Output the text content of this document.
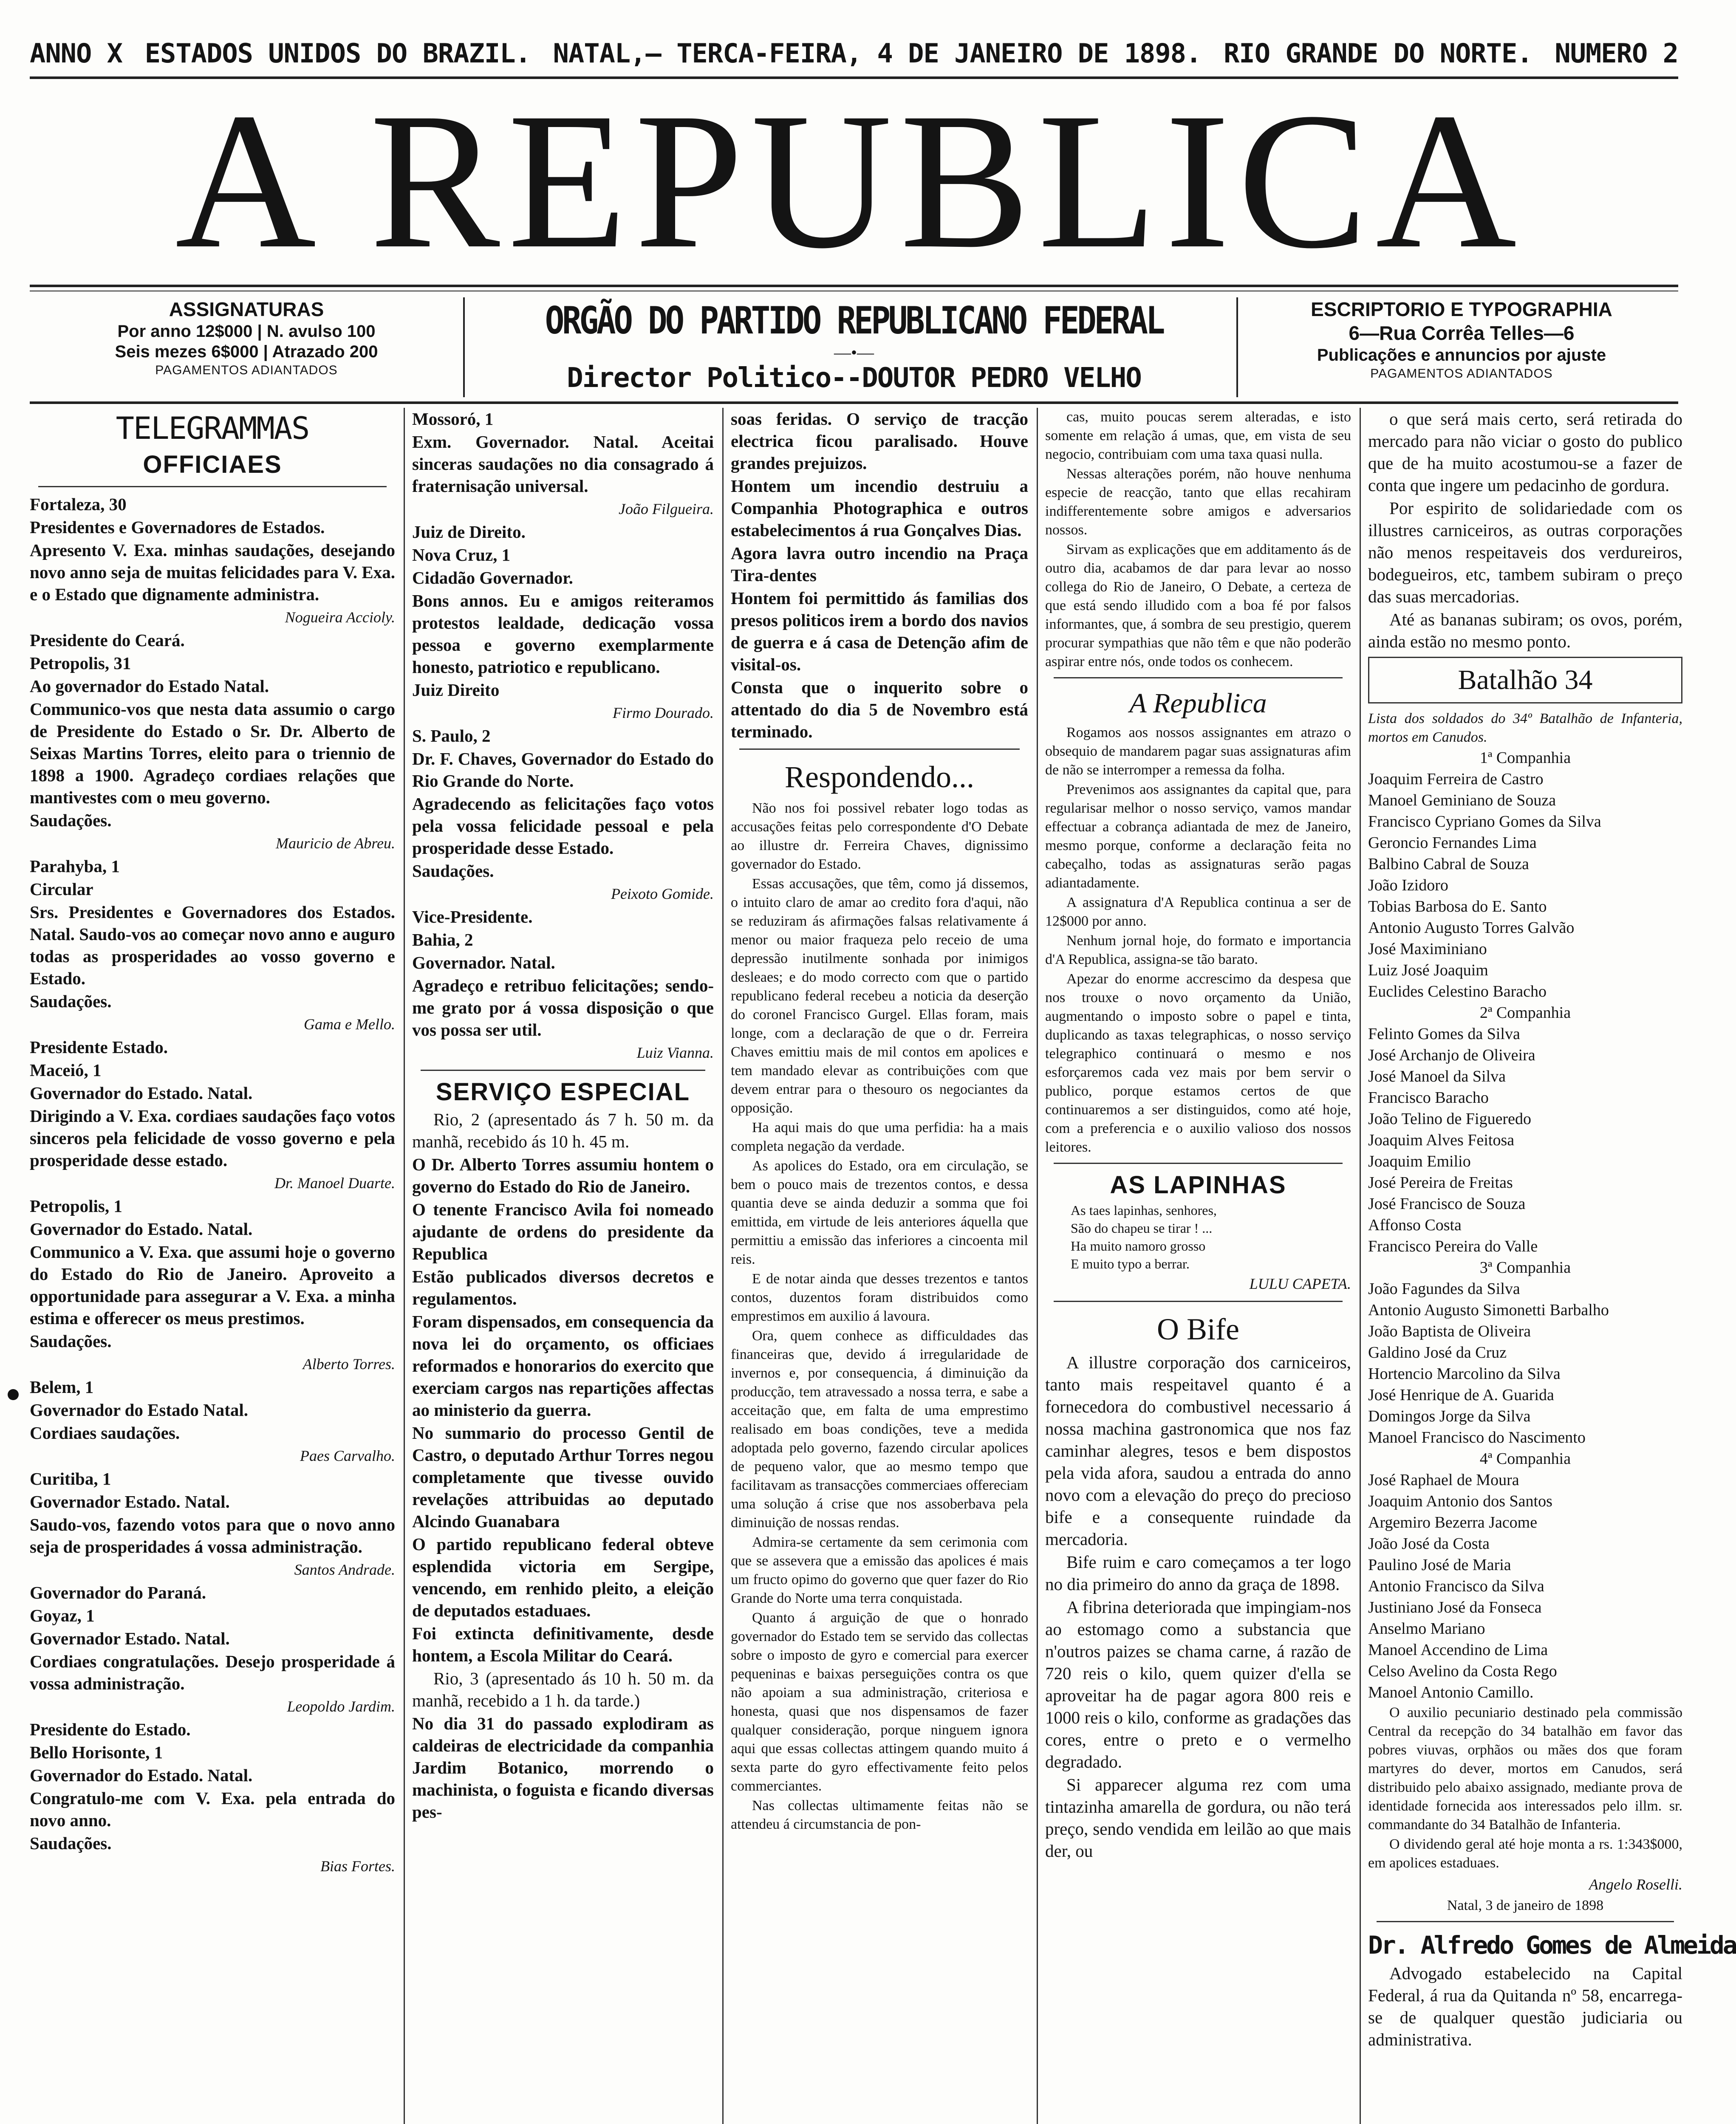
ANNO X ESTADOS UNIDOS DO BRAZIL. NATAL,— TERCA-FEIRA, 4 DE JANEIRO DE 1898. RIO GRANDE DO NORTE. NUMERO 2
A REPUBLICA
ASSIGNATURAS
Por anno 12$000 | N. avulso 100
Seis mezes 6$000 | Atrazado 200
PAGAMENTOS ADIANTADOS
ORGÃO DO PARTIDO REPUBLICANO FEDERAL
—•—
Director Politico--DOUTOR PEDRO VELHO
ESCRIPTORIO E TYPOGRAPHIA
6—Rua Corrêa Telles—6
Publicações e annuncios por ajuste
PAGAMENTOS ADIANTADOS

TELEGRAMMAS

OFFICIAES

Fortaleza, 30

Presidentes e Governadores de Estados.

Apresento V. Exa. minhas saudações, desejando novo anno seja de muitas felicidades para V. Exa. e o Estado que dignamente administra.

Nogueira Accioly.

Presidente do Ceará.

Petropolis, 31

Ao governador do Estado Natal.

Communico-vos que nesta data assumio o cargo de Presidente do Estado o Sr. Dr. Alberto de Seixas Martins Torres, eleito para o triennio de 1898 a 1900. Agradeço cordiaes relações que mantivestes com o meu governo.

Saudações.

Mauricio de Abreu.

Parahyba, 1

Circular

Srs. Presidentes e Governadores dos Estados. Natal. Saudo-vos ao começar novo anno e auguro todas as prosperidades ao vosso governo e Estado.

Saudações.

Gama e Mello.

Presidente Estado.

Maceió, 1

Governador do Estado. Natal.

Dirigindo a V. Exa. cordiaes saudações faço votos sinceros pela felicidade de vosso governo e pela prosperidade desse estado.

Dr. Manoel Duarte.

Petropolis, 1

Governador do Estado. Natal.

Communico a V. Exa. que assumi hoje o governo do Estado do Rio de Janeiro. Aproveito a opportunidade para assegurar a V. Exa. a minha estima e offerecer os meus prestimos.

Saudações.

Alberto Torres.

Belem, 1

Governador do Estado Natal.

Cordiaes saudações.

Paes Carvalho.

Curitiba, 1

Governador Estado. Natal.

Saudo-vos, fazendo votos para que o novo anno seja de prosperidades á vossa administração.

Santos Andrade.

Governador do Paraná.

Goyaz, 1

Governador Estado. Natal.

Cordiaes congratulações. Desejo prosperidade á vossa administração.

Leopoldo Jardim.

Presidente do Estado.

Bello Horisonte, 1

Governador do Estado. Natal.

Congratulo-me com V. Exa. pela entrada do novo anno.

Saudações.

Bias Fortes.

Mossoró, 1

Exm. Governador. Natal. Aceitai sinceras saudações no dia consagrado á fraternisação universal.

João Filgueira.

Juiz de Direito.

Nova Cruz, 1

Cidadão Governador.

Bons annos. Eu e amigos reiteramos protestos lealdade, dedicação vossa pessoa e governo exemplarmente honesto, patriotico e republicano.

Juiz Direito

Firmo Dourado.

S. Paulo, 2

Dr. F. Chaves, Governador do Estado do Rio Grande do Norte.

Agradecendo as felicitações faço votos pela vossa felicidade pessoal e pela prosperidade desse Estado.

Saudações.

Peixoto Gomide.

Vice-Presidente.

Bahia, 2

Governador. Natal.

Agradeço e retribuo felicitações; sendo-me grato por á vossa disposição o que vos possa ser util.

Luiz Vianna.

SERVIÇO ESPECIAL

Rio, 2 (apresentado ás 7 h. 50 m. da manhã, recebido ás 10 h. 45 m.

O Dr. Alberto Torres assumiu hontem o governo do Estado do Rio de Janeiro.

O tenente Francisco Avila foi nomeado ajudante de ordens do presidente da Republica

Estão publicados diversos decretos e regulamentos.

Foram dispensados, em consequencia da nova lei do orçamento, os officiaes reformados e honorarios do exercito que exerciam cargos nas repartições affectas ao ministerio da guerra.

No summario do processo Gentil de Castro, o deputado Arthur Torres negou completamente que tivesse ouvido revelações attribuidas ao deputado Alcindo Guanabara

O partido republicano federal obteve esplendida victoria em Sergipe, vencendo, em renhido pleito, a eleição de deputados estaduaes.

Foi extincta definitivamente, desde hontem, a Escola Militar do Ceará.

Rio, 3 (apresentado ás 10 h. 50 m. da manhã, recebido a 1 h. da tarde.)

No dia 31 do passado explodiram as caldeiras de electricidade da companhia Jardim Botanico, morrendo o machinista, o foguista e ficando diversas pes-

soas feridas. O serviço de tracção electrica ficou paralisado. Houve grandes prejuizos.

Hontem um incendio destruiu a Companhia Photographica e outros estabelecimentos á rua Gonçalves Dias.

Agora lavra outro incendio na Praça Tira-dentes

Hontem foi permittido ás familias dos presos politicos irem a bordo dos navios de guerra e á casa de Detenção afim de visital-os.

Consta que o inquerito sobre o attentado do dia 5 de Novembro está terminado.

Respondendo...

Não nos foi possivel rebater logo todas as accusações feitas pelo correspondente d'O Debate ao illustre dr. Ferreira Chaves, dignissimo governador do Estado.

Essas accusações, que têm, como já dissemos, o intuito claro de amar ao credito fora d'aqui, não se reduziram ás afirmações falsas relativamente á menor ou maior fraqueza pelo receio de uma depressão inutilmente sonhada por inimigos desleaes; e do modo correcto com que o partido republicano federal recebeu a noticia da deserção do coronel Francisco Gurgel. Ellas foram, mais longe, com a declaração de que o dr. Ferreira Chaves emittiu mais de mil contos em apolices e tem mandado elevar as contribuições com que devem entrar para o thesouro os negociantes da opposição.

Ha aqui mais do que uma perfidia: ha a mais completa negação da verdade.

As apolices do Estado, ora em circulação, se bem o pouco mais de trezentos contos, e dessa quantia deve se ainda deduzir a somma que foi emittida, em virtude de leis anteriores áquella que permittiu a emissão das inferiores a cincoenta mil reis.

E de notar ainda que desses trezentos e tantos contos, duzentos foram distribuidos como emprestimos em auxilio á lavoura.

Ora, quem conhece as difficuldades das financeiras que, devido á irregularidade de invernos e, por consequencia, á diminuição da producção, tem atravessado a nossa terra, e sabe a acceitação que, em falta de uma emprestimo realisado em boas condições, teve a medida adoptada pelo governo, fazendo circular apolices de pequeno valor, que ao mesmo tempo que facilitavam as transacções commerciaes offereciam uma solução á crise que nos assoberbava pela diminuição de nossas rendas.

Admira-se certamente da sem cerimonia com que se assevera que a emissão das apolices é mais um fructo opimo do governo que quer fazer do Rio Grande do Norte uma terra conquistada.

Quanto á arguição de que o honrado governador do Estado tem se servido das collectas sobre o imposto de gyro e comercial para exercer pequeninas e baixas perseguições contra os que não apoiam a sua administração, criteriosa e honesta, quasi que nos dispensamos de fazer qualquer consideração, porque ninguem ignora aqui que essas collectas attingem quando muito á sexta parte do gyro effectivamente feito pelos commerciantes.

Nas collectas ultimamente feitas não se attendeu á circumstancia de pon-

cas, muito poucas serem alteradas, e isto somente em relação á umas, que, em vista de seu negocio, contribuiam com uma taxa quasi nulla.

Nessas alterações porém, não houve nenhuma especie de reacção, tanto que ellas recahiram indifferentemente sobre amigos e adversarios nossos.

Sirvam as explicações que em additamento ás de outro dia, acabamos de dar para levar ao nosso collega do Rio de Janeiro, O Debate, a certeza de que está sendo illudido com a boa fé por falsos informantes, que, á sombra de seu prestigio, querem procurar sympathias que não têm e que não poderão aspirar entre nós, onde todos os conhecem.

A Republica

Rogamos aos nossos assignantes em atrazo o obsequio de mandarem pagar suas assignaturas afim de não se interromper a remessa da folha.

Prevenimos aos assignantes da capital que, para regularisar melhor o nosso serviço, vamos mandar effectuar a cobrança adiantada de mez de Janeiro, mesmo porque, conforme a declaração feita no cabeçalho, todas as assignaturas serão pagas adiantadamente.

A assignatura d'A Republica continua a ser de 12$000 por anno.

Nenhum jornal hoje, do formato e importancia d'A Republica, assigna-se tão barato.

Apezar do enorme accrescimo da despesa que nos trouxe o novo orçamento da União, augmentando o imposto sobre o papel e tinta, duplicando as taxas telegraphicas, o nosso serviço telegraphico continuará o mesmo e nos esforçaremos cada vez mais por bem servir o publico, porque estamos certos de que continuaremos a ser distinguidos, como até hoje, com a preferencia e o auxilio valioso dos nossos leitores.

AS LAPINHAS

As taes lapinhas, senhores,
São do chapeu se tirar ! ...
Ha muito namoro grosso
E muito typo a berrar.

LULU CAPETA.

O Bife

A illustre corporação dos carniceiros, tanto mais respeitavel quanto é a fornecedora do combustivel necessario á nossa machina gastronomica que nos faz caminhar alegres, tesos e bem dispostos pela vida afora, saudou a entrada do anno novo com a elevação do preço do precioso bife e a consequente ruindade da mercadoria.

Bife ruim e caro começamos a ter logo no dia primeiro do anno da graça de 1898.

A fibrina deteriorada que impingiam-nos ao estomago como a substancia que n'outros paizes se chama carne, á razão de 720 reis o kilo, quem quizer d'ella se aproveitar ha de pagar agora 800 reis e 1000 reis o kilo, conforme as gradações das cores, entre o preto e o vermelho degradado.

Si apparecer alguma rez com uma tintazinha amarella de gordura, ou não terá preço, sendo vendida em leilão ao que mais der, ou

o que será mais certo, será retirada do mercado para não viciar o gosto do publico que de ha muito acostumou-se a fazer de conta que ingere um pedacinho de gordura.

Por espirito de solidariedade com os illustres carniceiros, as outras corporações não menos respeitaveis dos verdureiros, bodegueiros, etc, tambem subiram o preço das suas mercadorias.

Até as bananas subiram; os ovos, porém, ainda estão no mesmo ponto.

Batalhão 34

Lista dos soldados do 34º Batalhão de Infanteria, mortos em Canudos.

1ª Companhia

Joaquim Ferreira de Castro

Manoel Geminiano de Souza

Francisco Cypriano Gomes da Silva

Geroncio Fernandes Lima

Balbino Cabral de Souza

João Izidoro

Tobias Barbosa do E. Santo

Antonio Augusto Torres Galvão

José Maximiniano

Luiz José Joaquim

Euclides Celestino Baracho

2ª Companhia

Felinto Gomes da Silva

José Archanjo de Oliveira

José Manoel da Silva

Francisco Baracho

João Telino de Figueredo

Joaquim Alves Feitosa

Joaquim Emilio

José Pereira de Freitas

José Francisco de Souza

Affonso Costa

Francisco Pereira do Valle

3ª Companhia

João Fagundes da Silva

Antonio Augusto Simonetti Barbalho

João Baptista de Oliveira

Galdino José da Cruz

Hortencio Marcolino da Silva

José Henrique de A. Guarida

Domingos Jorge da Silva

Manoel Francisco do Nascimento

4ª Companhia

José Raphael de Moura

Joaquim Antonio dos Santos

Argemiro Bezerra Jacome

João José da Costa

Paulino José de Maria

Antonio Francisco da Silva

Justiniano José da Fonseca

Anselmo Mariano

Manoel Accendino de Lima

Celso Avelino da Costa Rego

Manoel Antonio Camillo.

O auxilio pecuniario destinado pela commissão Central da recepção do 34 batalhão em favor das pobres viuvas, orphãos ou mães dos que foram martyres do dever, mortos em Canudos, será distribuido pelo abaixo assignado, mediante prova de identidade fornecida aos interessados pelo illm. sr. commandante do 34 Batalhão de Infanteria.

O dividendo geral até hoje monta a rs. 1:343$000, em apolices estaduaes.

Angelo Roselli.

Natal, 3 de janeiro de 1898

Dr. Alfredo Gomes de Almeida

Advogado estabelecido na Capital Federal, á rua da Quitanda nº 58, encarrega-se de qualquer questão judiciaria ou administrativa.
